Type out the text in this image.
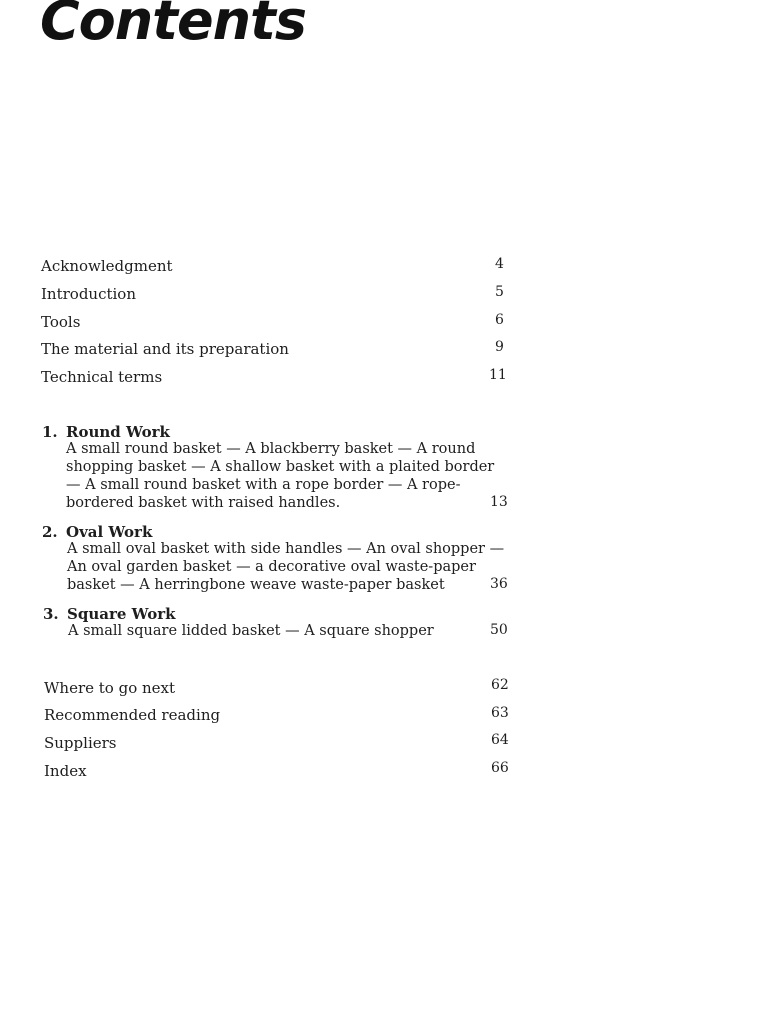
Contents
Acknowledgment	4
Introduction	5
Tools	6
The material and its preparation	9
Technical terms	11
1. Round Work
A small round basket — A blackberry basket — A round
shopping basket — A shallow basket with a plaited border
— A small round basket with a rope border — A rope-
bordered basket with raised handles.	13
2. Oval Work
A small oval basket with side handles — An oval shopper —
An oval garden basket — a decorative oval waste-paper
basket — A herringbone weave waste-paper basket	36
3. Square Work
A small square lidded basket — A square shopper	50
Where to go next	62
Recommended reading	63
Suppliers	64
Index	66
